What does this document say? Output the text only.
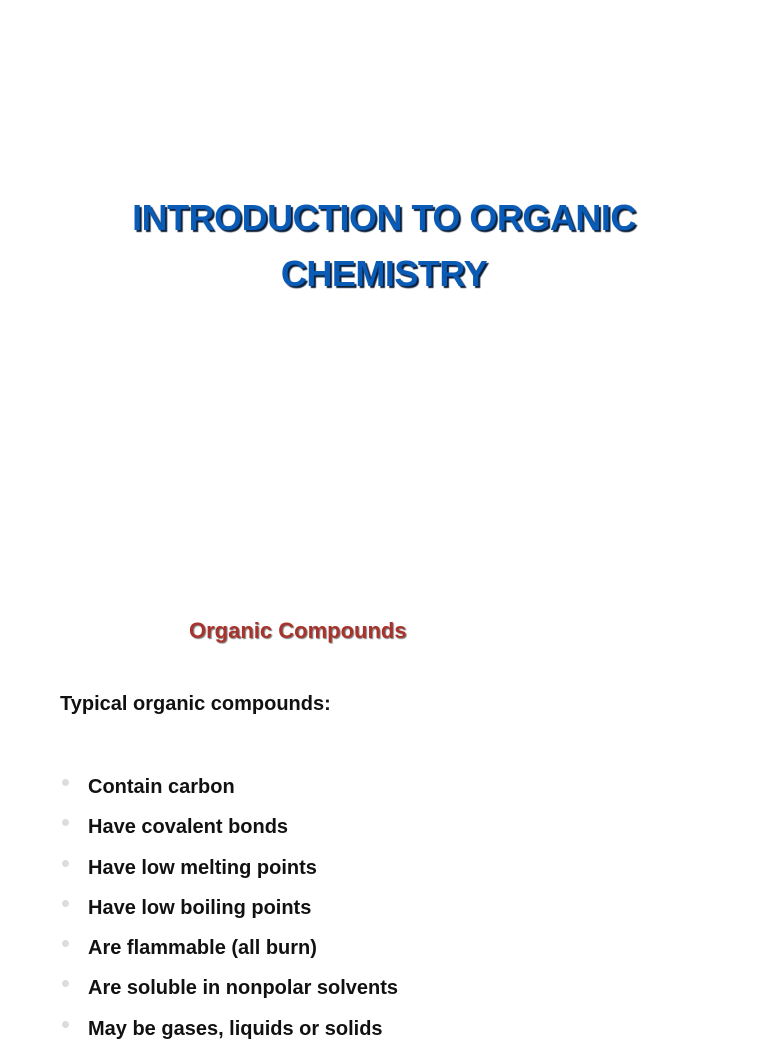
INTRODUCTION TO ORGANIC
CHEMISTRY
Organic Compounds

Typical organic compounds:

Contain carbon
Have covalent bonds
Have low melting points
Have low boiling points
Are flammable (all burn)
Are soluble in nonpolar solvents
May be gases, liquids or solids
